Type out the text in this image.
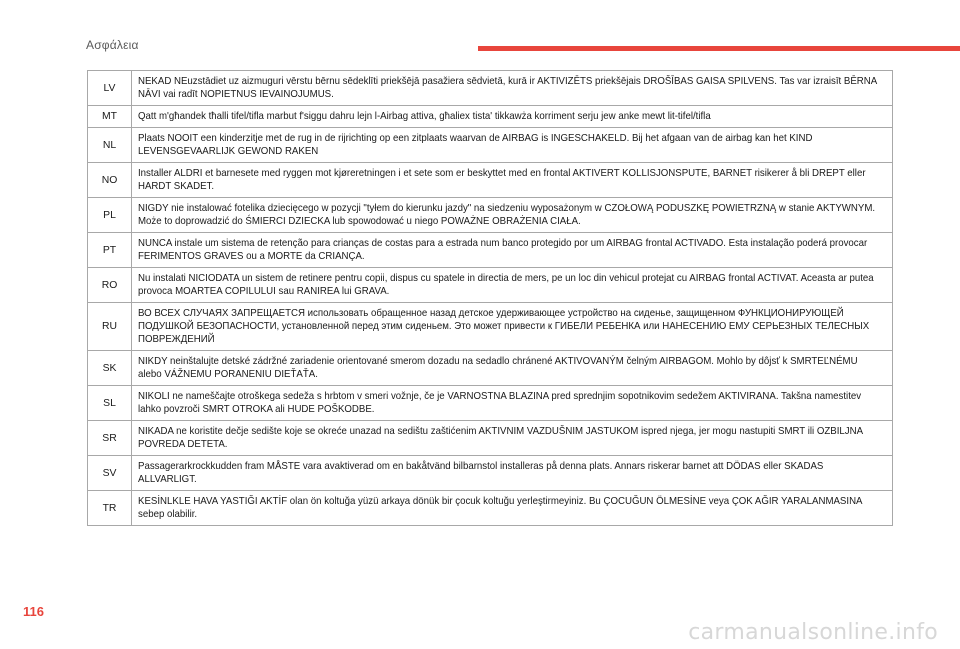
Ασφάλεια
LV	NEKAD NEuzstādiet uz aizmuguri vērstu bērnu sēdeklīti priekšējā pasažiera sēdvietā, kurā ir AKTIVIZĒTS priekšējais DROŠĪBAS GAISA SPILVENS. Tas var izraisīt BĒRNA NĀVI vai radīt NOPIETNUS IEVAINOJUMUS.

MT	Qatt m'għandek tħalli tifel/tifla marbut f'siggu dahru lejn l-Airbag attiva, għaliex tista' tikkawża korriment serju jew anke mewt lit-tifel/tifla

NL	Plaats NOOIT een kinderzitje met de rug in de rijrichting op een zitplaats waarvan de AIRBAG is INGESCHAKELD. Bij het afgaan van de airbag kan het KIND LEVENSGEVAARLIJK GEWOND RAKEN

NO	Installer ALDRI et barnesete med ryggen mot kjøreretningen i et sete som er beskyttet med en frontal AKTIVERT KOLLISJONSPUTE, BARNET risikerer å bli DREPT eller HARDT SKADET.

PL	NIGDY nie instalować fotelika dziecięcego w pozycji "tyłem do kierunku jazdy" na siedzeniu wyposażonym w CZOŁOWĄ PODUSZKĘ POWIETRZNĄ w stanie AKTYWNYM. Może to doprowadzić do ŚMIERCI DZIECKA lub spowodować u niego POWAŻNE OBRAŻENIA CIAŁA.

PT	NUNCA instale um sistema de retenção para crianças de costas para a estrada num banco protegido por um AIRBAG frontal ACTIVADO. Esta instalação poderá provocar FERIMENTOS GRAVES ou a MORTE da CRIANÇA.

RO	Nu instalati NICIODATA un sistem de retinere pentru copii, dispus cu spatele in directia de mers, pe un loc din vehicul protejat cu AIRBAG frontal ACTIVAT. Aceasta ar putea provoca MOARTEA COPILULUI sau RANIREA lui GRAVA.

RU	ВО ВСЕХ СЛУЧАЯХ ЗАПРЕЩАЕТСЯ использовать обращенное назад детское удерживающее устройство на сиденье, защищенном ФУНКЦИОНИРУЮЩЕЙ ПОДУШКОЙ БЕЗОПАСНОСТИ, установленной перед этим сиденьем. Это может привести к ГИБЕЛИ РЕБЕНКА или НАНЕСЕНИЮ ЕМУ СЕРЬЕЗНЫХ ТЕЛЕСНЫХ ПОВРЕЖДЕНИЙ

SK	NIKDY neinštalujte detské zádržné zariadenie orientované smerom dozadu na sedadlo chránené AKTIVOVANÝM čelným AIRBAGOM. Mohlo by dôjsť k SMRTEĽNÉMU alebo VÁŽNEMU PORANENIU DIEŤAŤA.

SL	NIKOLI ne nameščajte otroškega sedeža s hrbtom v smeri vožnje, če je VARNOSTNA BLAZINA pred sprednjim sopotnikovim sedežem AKTIVIRANA. Takšna namestitev lahko povzroči SMRT OTROKA ali HUDE POŠKODBE.

SR	NIKADA ne koristite dečje sedište koje se okreće unazad na sedištu zaštićenim AKTIVNIM VAZDUŠNIM JASTUKOM ispred njega, jer mogu nastupiti SMRT ili OZBILJNA POVREDA DETETA.

SV	Passagerarkrockkudden fram MÅSTE vara avaktiverad om en bakåtvänd bilbarnstol installeras på denna plats. Annars riskerar barnet att DÖDAS eller SKADAS ALLVARLIGT.

TR	KESİNLKLE HAVA YASTIĞI AKTİF olan ön koltuğa yüzü arkaya dönük bir çocuk koltuğu yerleştirmeyiniz. Bu ÇOCUĞUN ÖLMESİNE veya ÇOK AĞIR YARALANMASINA sebep olabilir.
116
carmanualsonline.info
